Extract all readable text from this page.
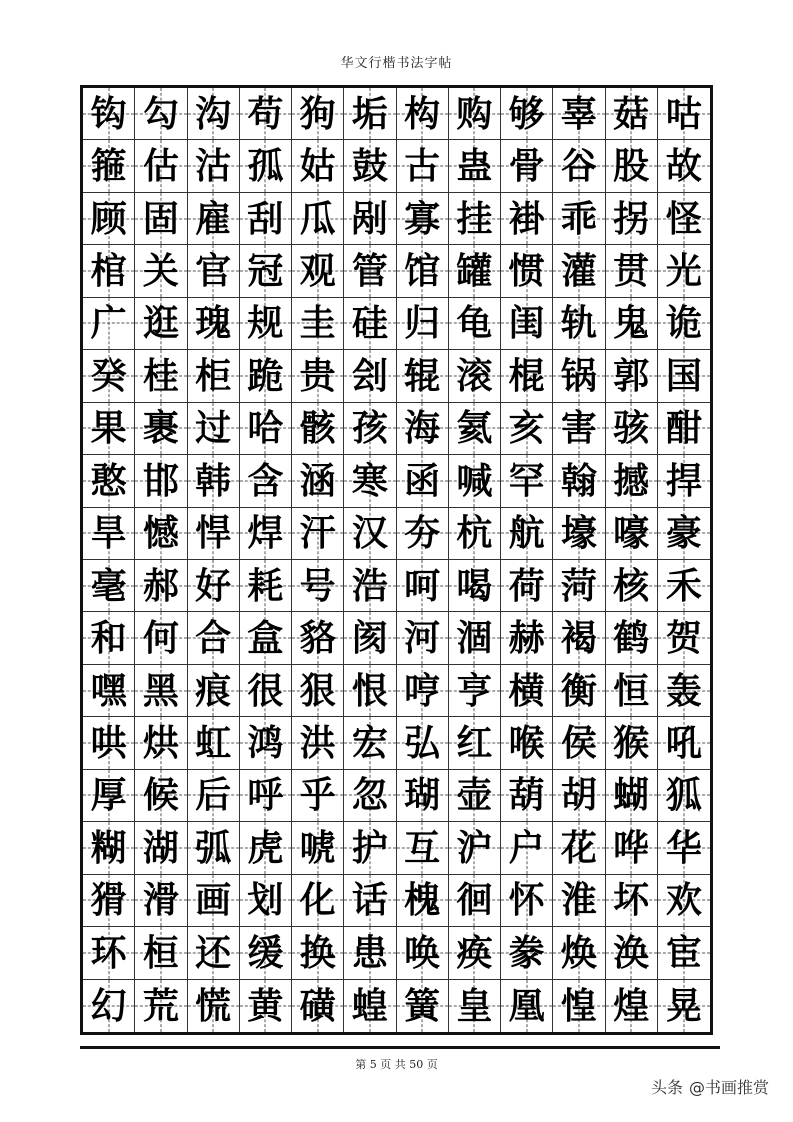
华文行楷书法字帖
钩 勾 沟 苟 狗 垢 构 购 够 辜 菇 咕
箍 估 沽 孤 姑 鼓 古 蛊 骨 谷 股 故
顾 固 雇 刮 瓜 剐 寡 挂 褂 乖 拐 怪
棺 关 官 冠 观 管 馆 罐 惯 灌 贯 光
广 逛 瑰 规 圭 硅 归 龟 闺 轨 鬼 诡
癸 桂 柜 跪 贵 刽 辊 滚 棍 锅 郭 国
果 裹 过 哈 骸 孩 海 氦 亥 害 骇 酣
憨 邯 韩 含 涵 寒 函 喊 罕 翰 撼 捍
旱 憾 悍 焊 汗 汉 夯 杭 航 壕 嚎 豪
毫 郝 好 耗 号 浩 呵 喝 荷 菏 核 禾
和 何 合 盒 貉 阂 河 涸 赫 褐 鹤 贺
嘿 黑 痕 很 狠 恨 哼 亨 横 衡 恒 轰
哄 烘 虹 鸿 洪 宏 弘 红 喉 侯 猴 吼
厚 候 后 呼 乎 忽 瑚 壶 葫 胡 蝴 狐
糊 湖 弧 虎 唬 护 互 沪 户 花 哗 华
猾 滑 画 划 化 话 槐 徊 怀 淮 坏 欢
环 桓 还 缓 换 患 唤 痪 豢 焕 涣 宦
幻 荒 慌 黄 磺 蝗 簧 皇 凰 惶 煌 晃
第 5 页 共 50 页
头条 @书画推赏
